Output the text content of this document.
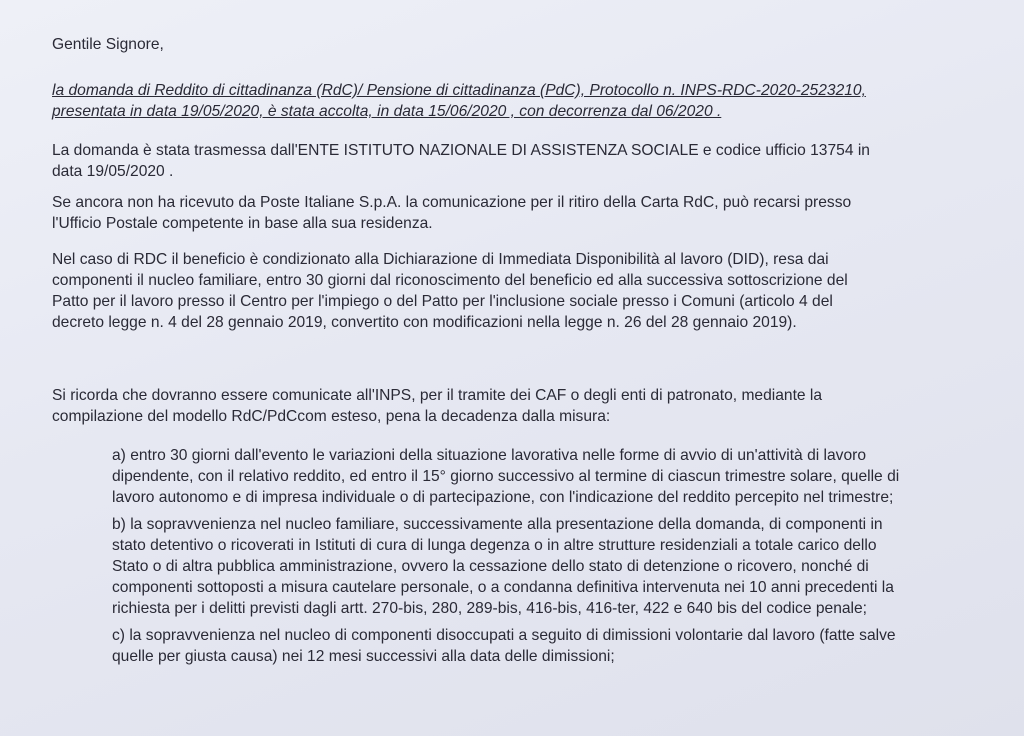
Gentile Signore,
la domanda di Reddito di cittadinanza (RdC)/ Pensione di cittadinanza (PdC), Protocollo n. INPS-RDC-2020-2523210,
presentata in data 19/05/2020, è stata accolta, in data 15/06/2020 , con decorrenza dal 06/2020 .
La domanda è stata trasmessa dall'ENTE ISTITUTO NAZIONALE DI ASSISTENZA SOCIALE e codice ufficio 13754 in
data 19/05/2020 .
Se ancora non ha ricevuto da Poste Italiane S.p.A. la comunicazione per il ritiro della Carta RdC, può recarsi presso
l'Ufficio Postale competente in base alla sua residenza.
Nel caso di RDC il beneficio è condizionato alla Dichiarazione di Immediata Disponibilità al lavoro (DID), resa dai
componenti il nucleo familiare, entro 30 giorni dal riconoscimento del beneficio ed alla successiva sottoscrizione del
Patto per il lavoro presso il Centro per l'impiego o del Patto per l'inclusione sociale presso i Comuni (articolo 4 del
decreto legge n. 4 del 28 gennaio 2019, convertito con modificazioni nella legge n. 26 del 28 gennaio 2019).
Si ricorda che dovranno essere comunicate all'INPS, per il tramite dei CAF o degli enti di patronato, mediante la
compilazione del modello RdC/PdCcom esteso, pena la decadenza dalla misura:
a) entro 30 giorni dall'evento le variazioni della situazione lavorativa nelle forme di avvio di un'attività di lavoro
dipendente, con il relativo reddito, ed entro il 15° giorno successivo al termine di ciascun trimestre solare, quelle di
lavoro autonomo e di impresa individuale o di partecipazione, con l'indicazione del reddito percepito nel trimestre;
b) la sopravvenienza nel nucleo familiare, successivamente alla presentazione della domanda, di componenti in
stato detentivo o ricoverati in Istituti di cura di lunga degenza o in altre strutture residenziali a totale carico dello
Stato o di altra pubblica amministrazione, ovvero la cessazione dello stato di detenzione o ricovero, nonché di
componenti sottoposti a misura cautelare personale, o a condanna definitiva intervenuta nei 10 anni precedenti la
richiesta per i delitti previsti dagli artt. 270-bis, 280, 289-bis, 416-bis, 416-ter, 422 e 640 bis del codice penale;
c) la sopravvenienza nel nucleo di componenti disoccupati a seguito di dimissioni volontarie dal lavoro (fatte salve
quelle per giusta causa) nei 12 mesi successivi alla data delle dimissioni;
